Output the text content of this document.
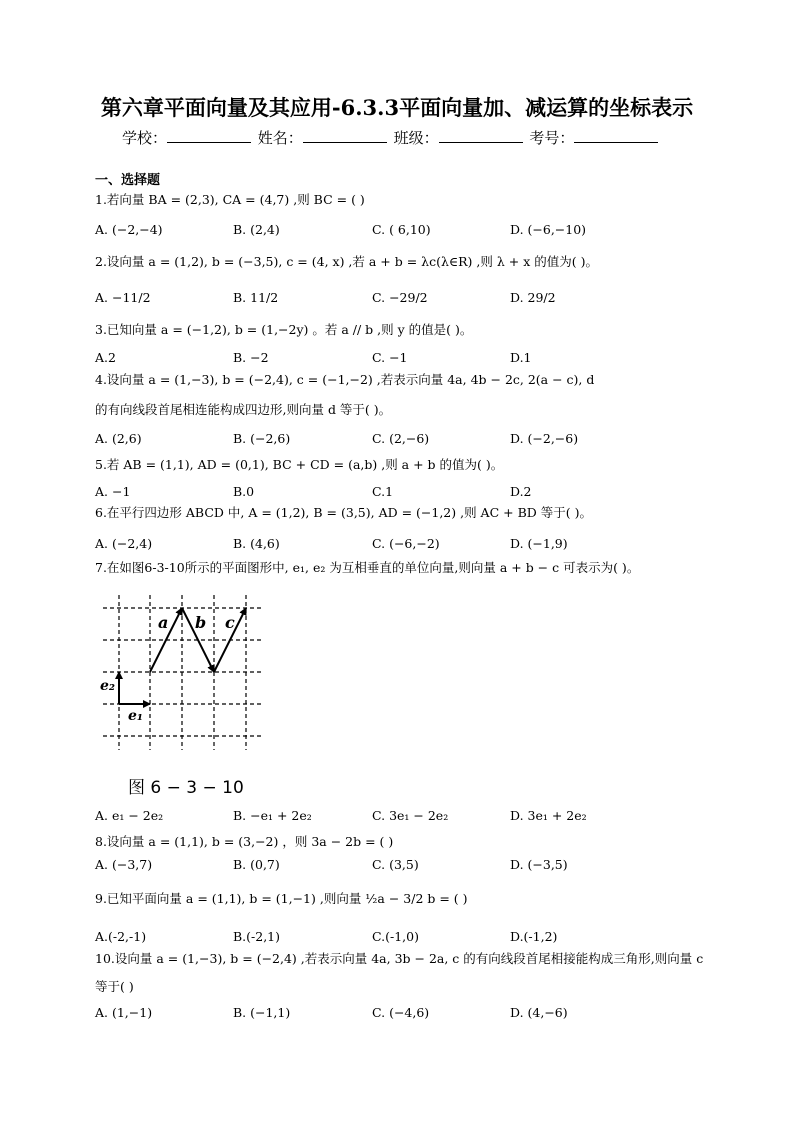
第六章平面向量及其应用-6.3.3平面向量加、减运算的坐标表示
学校：	姓名：	班级：	考号：
一、选择题
1.若向量 BA = (2,3), CA = (4,7) ,则 BC = ( )
A. (−2,−4)	B. (2,4)	C. ( 6,10)	D. (−6,−10)
2.设向量 a = (1,2), b = (−3,5), c = (4, x) ,若 a + b = λc(λ∈R) ,则 λ + x 的值为( )。
A. −11/2	B. 11/2	C. −29/2	D. 29/2
3.已知向量 a = (−1,2), b = (1,−2y) 。若 a // b ,则 y 的值是( )。
A.2	B. −2	C. −1	D.1
4.设向量 a = (1,−3), b = (−2,4), c = (−1,−2) ,若表示向量 4a, 4b − 2c, 2(a − c), d
的有向线段首尾相连能构成四边形,则向量 d 等于( )。
A. (2,6)	B. (−2,6)	C. (2,−6)	D. (−2,−6)
5.若 AB = (1,1), AD = (0,1), BC + CD = (a,b) ,则 a + b 的值为( )。
A. −1	B.0	C.1	D.2
6.在平行四边形 ABCD 中, A = (1,2), B = (3,5), AD = (−1,2) ,则 AC + BD 等于( )。
A. (−2,4)	B. (4,6)	C. (−6,−2)	D. (−1,9)
7.在如图6-3-10所示的平面图形中, e₁, e₂ 为互相垂直的单位向量,则向量 a + b − c 可表示为( )。
a b c
e₂
e₁
图 6 − 3 − 10
A. e₁ − 2e₂	B. −e₁ + 2e₂	C. 3e₁ − 2e₂	D. 3e₁ + 2e₂
8.设向量 a = (1,1), b = (3,−2) ，则 3a − 2b = ( )
A. (−3,7)	B. (0,7)	C. (3,5)	D. (−3,5)
9.已知平面向量 a = (1,1), b = (1,−1) ,则向量 ½a − 3/2 b = ( )
A.(-2,-1)	B.(-2,1)	C.(-1,0)	D.(-1,2)
10.设向量 a = (1,−3), b = (−2,4) ,若表示向量 4a, 3b − 2a, c 的有向线段首尾相接能构成三角形,则向量 c
等于( )
A. (1,−1)	B. (−1,1)	C. (−4,6)	D. (4,−6)
